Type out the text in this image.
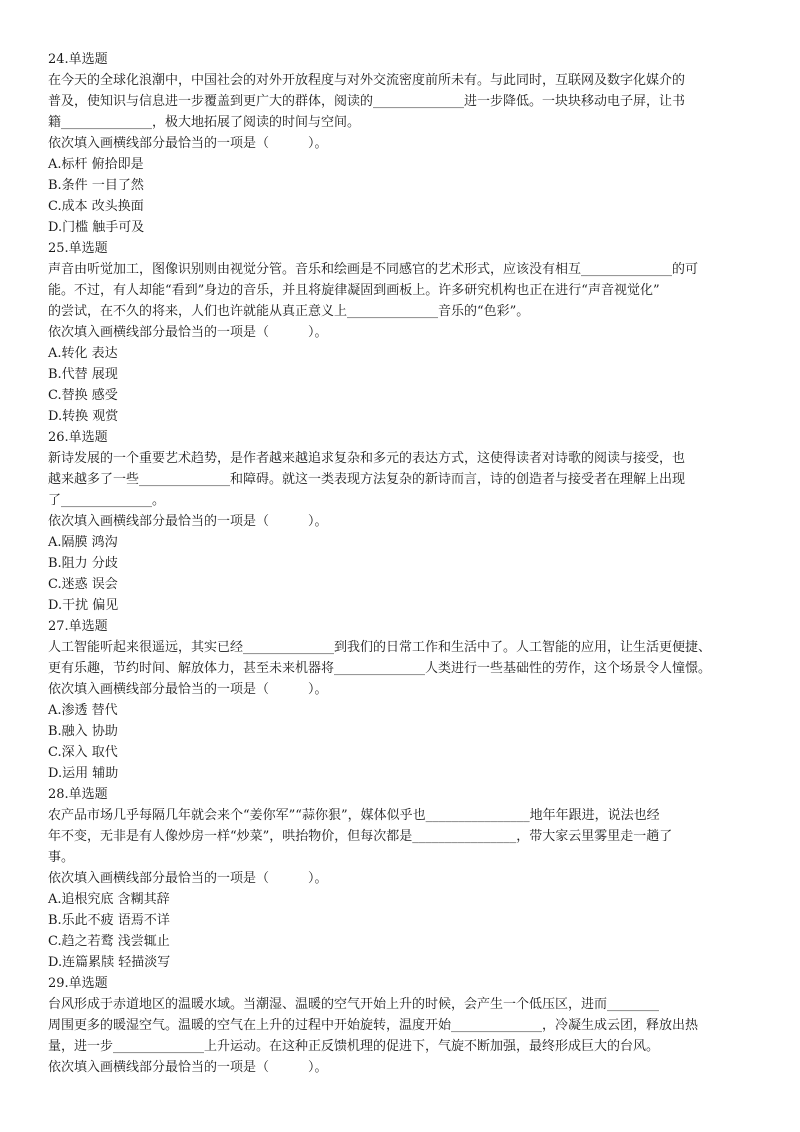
24.单选题
在今天的全球化浪潮中，中国社会的对外开放程度与对外交流密度前所未有。与此同时，互联网及数字化媒介的
普及，使知识与信息进一步覆盖到更广大的群体，阅读的______________进一步降低。一块块移动电子屏，让书
籍______________，极大地拓展了阅读的时间与空间。
依次填入画横线部分最恰当的一项是（　　　）。
A.标杆 俯拾即是
B.条件 一目了然
C.成本 改头换面
D.门槛 触手可及
25.单选题
声音由听觉加工，图像识别则由视觉分管。音乐和绘画是不同感官的艺术形式，应该没有相互______________的可
能。不过，有人却能“看到”身边的音乐，并且将旋律凝固到画板上。许多研究机构也正在进行“声音视觉化”
的尝试，在不久的将来，人们也许就能从真正意义上______________音乐的“色彩”。
依次填入画横线部分最恰当的一项是（　　　）。
A.转化 表达
B.代替 展现
C.替换 感受
D.转换 观赏
26.单选题
新诗发展的一个重要艺术趋势，是作者越来越追求复杂和多元的表达方式，这使得读者对诗歌的阅读与接受，也
越来越多了一些______________和障碍。就这一类表现方法复杂的新诗而言，诗的创造者与接受者在理解上出现
了______________。
依次填入画横线部分最恰当的一项是（　　　）。
A.隔膜 鸿沟
B.阻力 分歧
C.迷惑 误会
D.干扰 偏见
27.单选题
人工智能听起来很遥远，其实已经______________到我们的日常工作和生活中了。人工智能的应用，让生活更便捷、
更有乐趣，节约时间、解放体力，甚至未来机器将______________人类进行一些基础性的劳作，这个场景令人憧憬。
依次填入画横线部分最恰当的一项是（　　　）。
A.渗透 替代
B.融入 协助
C.深入 取代
D.运用 辅助
28.单选题
农产品市场几乎每隔几年就会来个“姜你军”“蒜你狠”，媒体似乎也________________地年年跟进，说法也经
年不变，无非是有人像炒房一样“炒菜”，哄抬物价，但每次都是________________，带大家云里雾里走一趟了
事。
依次填入画横线部分最恰当的一项是（　　　）。
A.追根究底 含糊其辞
B.乐此不疲 语焉不详
C.趋之若鹜 浅尝辄止
D.连篇累牍 轻描淡写
29.单选题
台风形成于赤道地区的温暖水域。当潮湿、温暖的空气开始上升的时候，会产生一个低压区，进而________
周围更多的暖湿空气。温暖的空气在上升的过程中开始旋转，温度开始______________，冷凝生成云团，释放出热
量，进一步______________上升运动。在这种正反馈机理的促进下，气旋不断加强，最终形成巨大的台风。
依次填入画横线部分最恰当的一项是（　　　）。
